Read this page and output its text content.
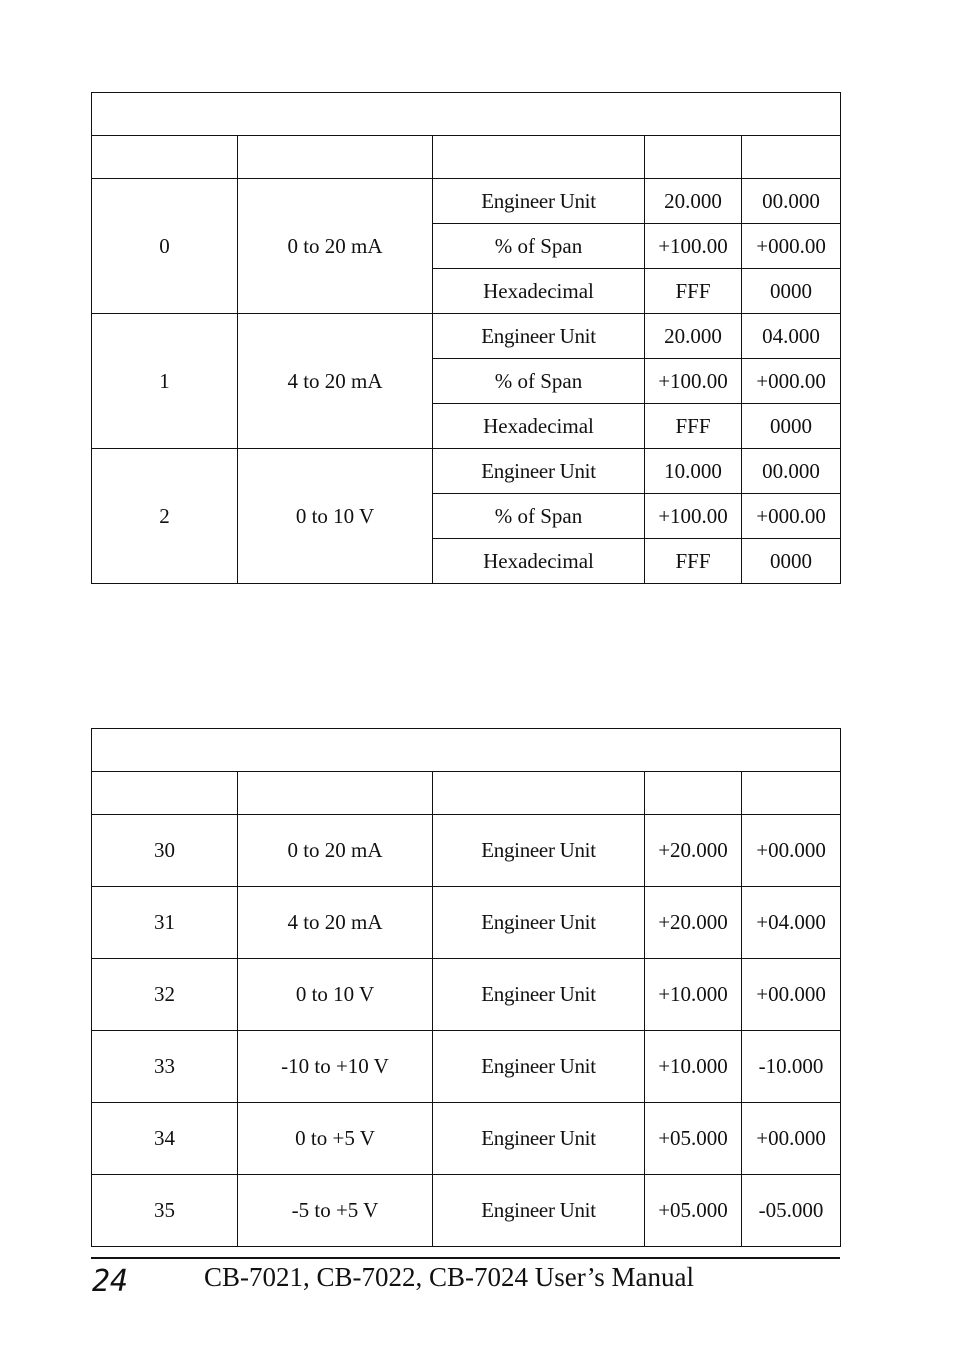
0	0 to 20 mA	Engineer Unit	20.000	00.000
		% of Span	+100.00	+000.00
		Hexadecimal	FFF	0000
1	4 to 20 mA	Engineer Unit	20.000	04.000
		% of Span	+100.00	+000.00
		Hexadecimal	FFF	0000
2	0 to 10 V	Engineer Unit	10.000	00.000
		% of Span	+100.00	+000.00
		Hexadecimal	FFF	0000

30	0 to 20 mA	Engineer Unit	+20.000	+00.000
31	4 to 20 mA	Engineer Unit	+20.000	+04.000
32	0 to 10 V	Engineer Unit	+10.000	+00.000
33	-10 to +10 V	Engineer Unit	+10.000	-10.000
34	0 to +5 V	Engineer Unit	+05.000	+00.000
35	-5 to +5 V	Engineer Unit	+05.000	-05.000
24	CB-7021, CB-7022, CB-7024 User’s Manual
